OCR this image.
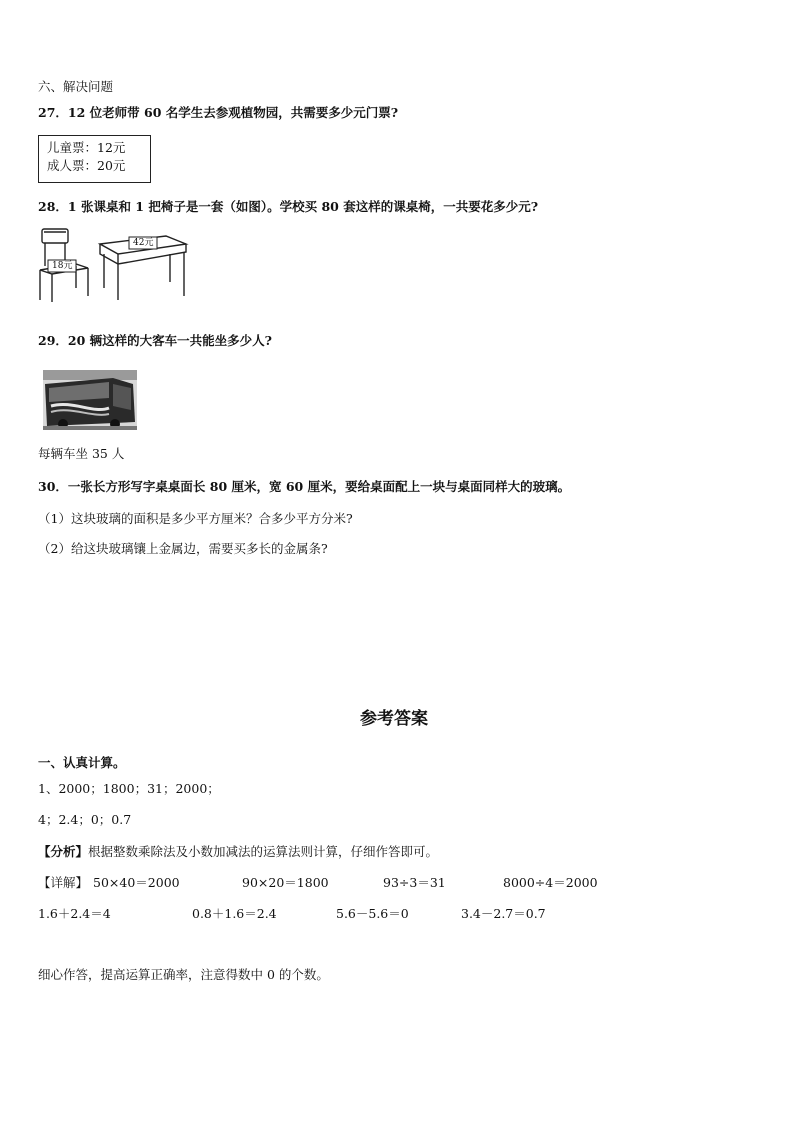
六、解决问题
27．12 位老师带 60 名学生去参观植物园，共需要多少元门票?
儿童票：12元
成人票：20元
28．1 张课桌和 1 把椅子是一套（如图）。学校买 80 套这样的课桌椅，一共要花多少元?
18元
42元
29．20 辆这样的大客车一共能坐多少人?
每辆车坐 35 人
30．一张长方形写字桌桌面长 80 厘米，宽 60 厘米，要给桌面配上一块与桌面同样大的玻璃。
（1）这块玻璃的面积是多少平方厘米？合多少平方分米?
（2）给这块玻璃镶上金属边，需要买多长的金属条?
参考答案
一、认真计算。
1、2000；1800；31；2000；
4；2.4；0；0.7
【分析】根据整数乘除法及小数加减法的运算法则计算，仔细作答即可。
【详解】 50×40＝2000	90×20＝1800	93÷3＝31	8000÷4＝2000
1.6＋2.4＝4	0.8＋1.6＝2.4	5.6－5.6＝0	3.4－2.7＝0.7
细心作答，提高运算正确率，注意得数中 0 的个数。
